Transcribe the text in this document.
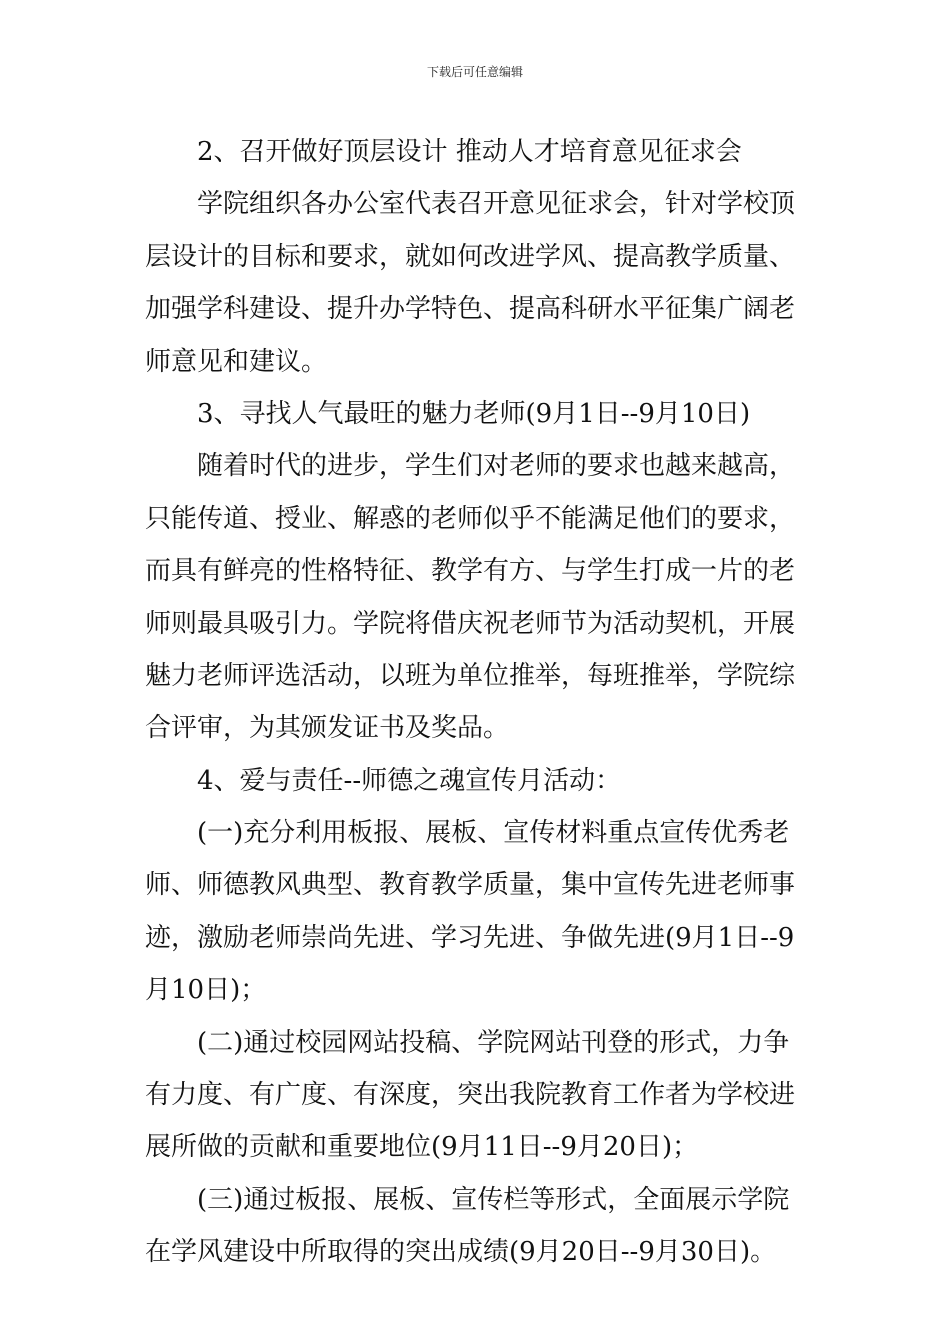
下载后可任意编辑
2、召开做好顶层设计 推动人才培育意见征求会
学院组织各办公室代表召开意见征求会，针对学校顶
层设计的目标和要求，就如何改进学风、提高教学质量、
加强学科建设、提升办学特色、提高科研水平征集广阔老
师意见和建议。
3、寻找人气最旺的魅力老师(9月1日--9月10日)
随着时代的进步，学生们对老师的要求也越来越高，
只能传道、授业、解惑的老师似乎不能满足他们的要求，
而具有鲜亮的性格特征、教学有方、与学生打成一片的老
师则最具吸引力。学院将借庆祝老师节为活动契机，开展
魅力老师评选活动，以班为单位推举，每班推举，学院综
合评审，为其颁发证书及奖品。
4、爱与责任--师德之魂宣传月活动：
(一)充分利用板报、展板、宣传材料重点宣传优秀老
师、师德教风典型、教育教学质量，集中宣传先进老师事
迹，激励老师崇尚先进、学习先进、争做先进(9月1日--9
月10日)；
(二)通过校园网站投稿、学院网站刊登的形式，力争
有力度、有广度、有深度，突出我院教育工作者为学校进
展所做的贡献和重要地位(9月11日--9月20日)；
(三)通过板报、展板、宣传栏等形式，全面展示学院
在学风建设中所取得的突出成绩(9月20日--9月30日)。
